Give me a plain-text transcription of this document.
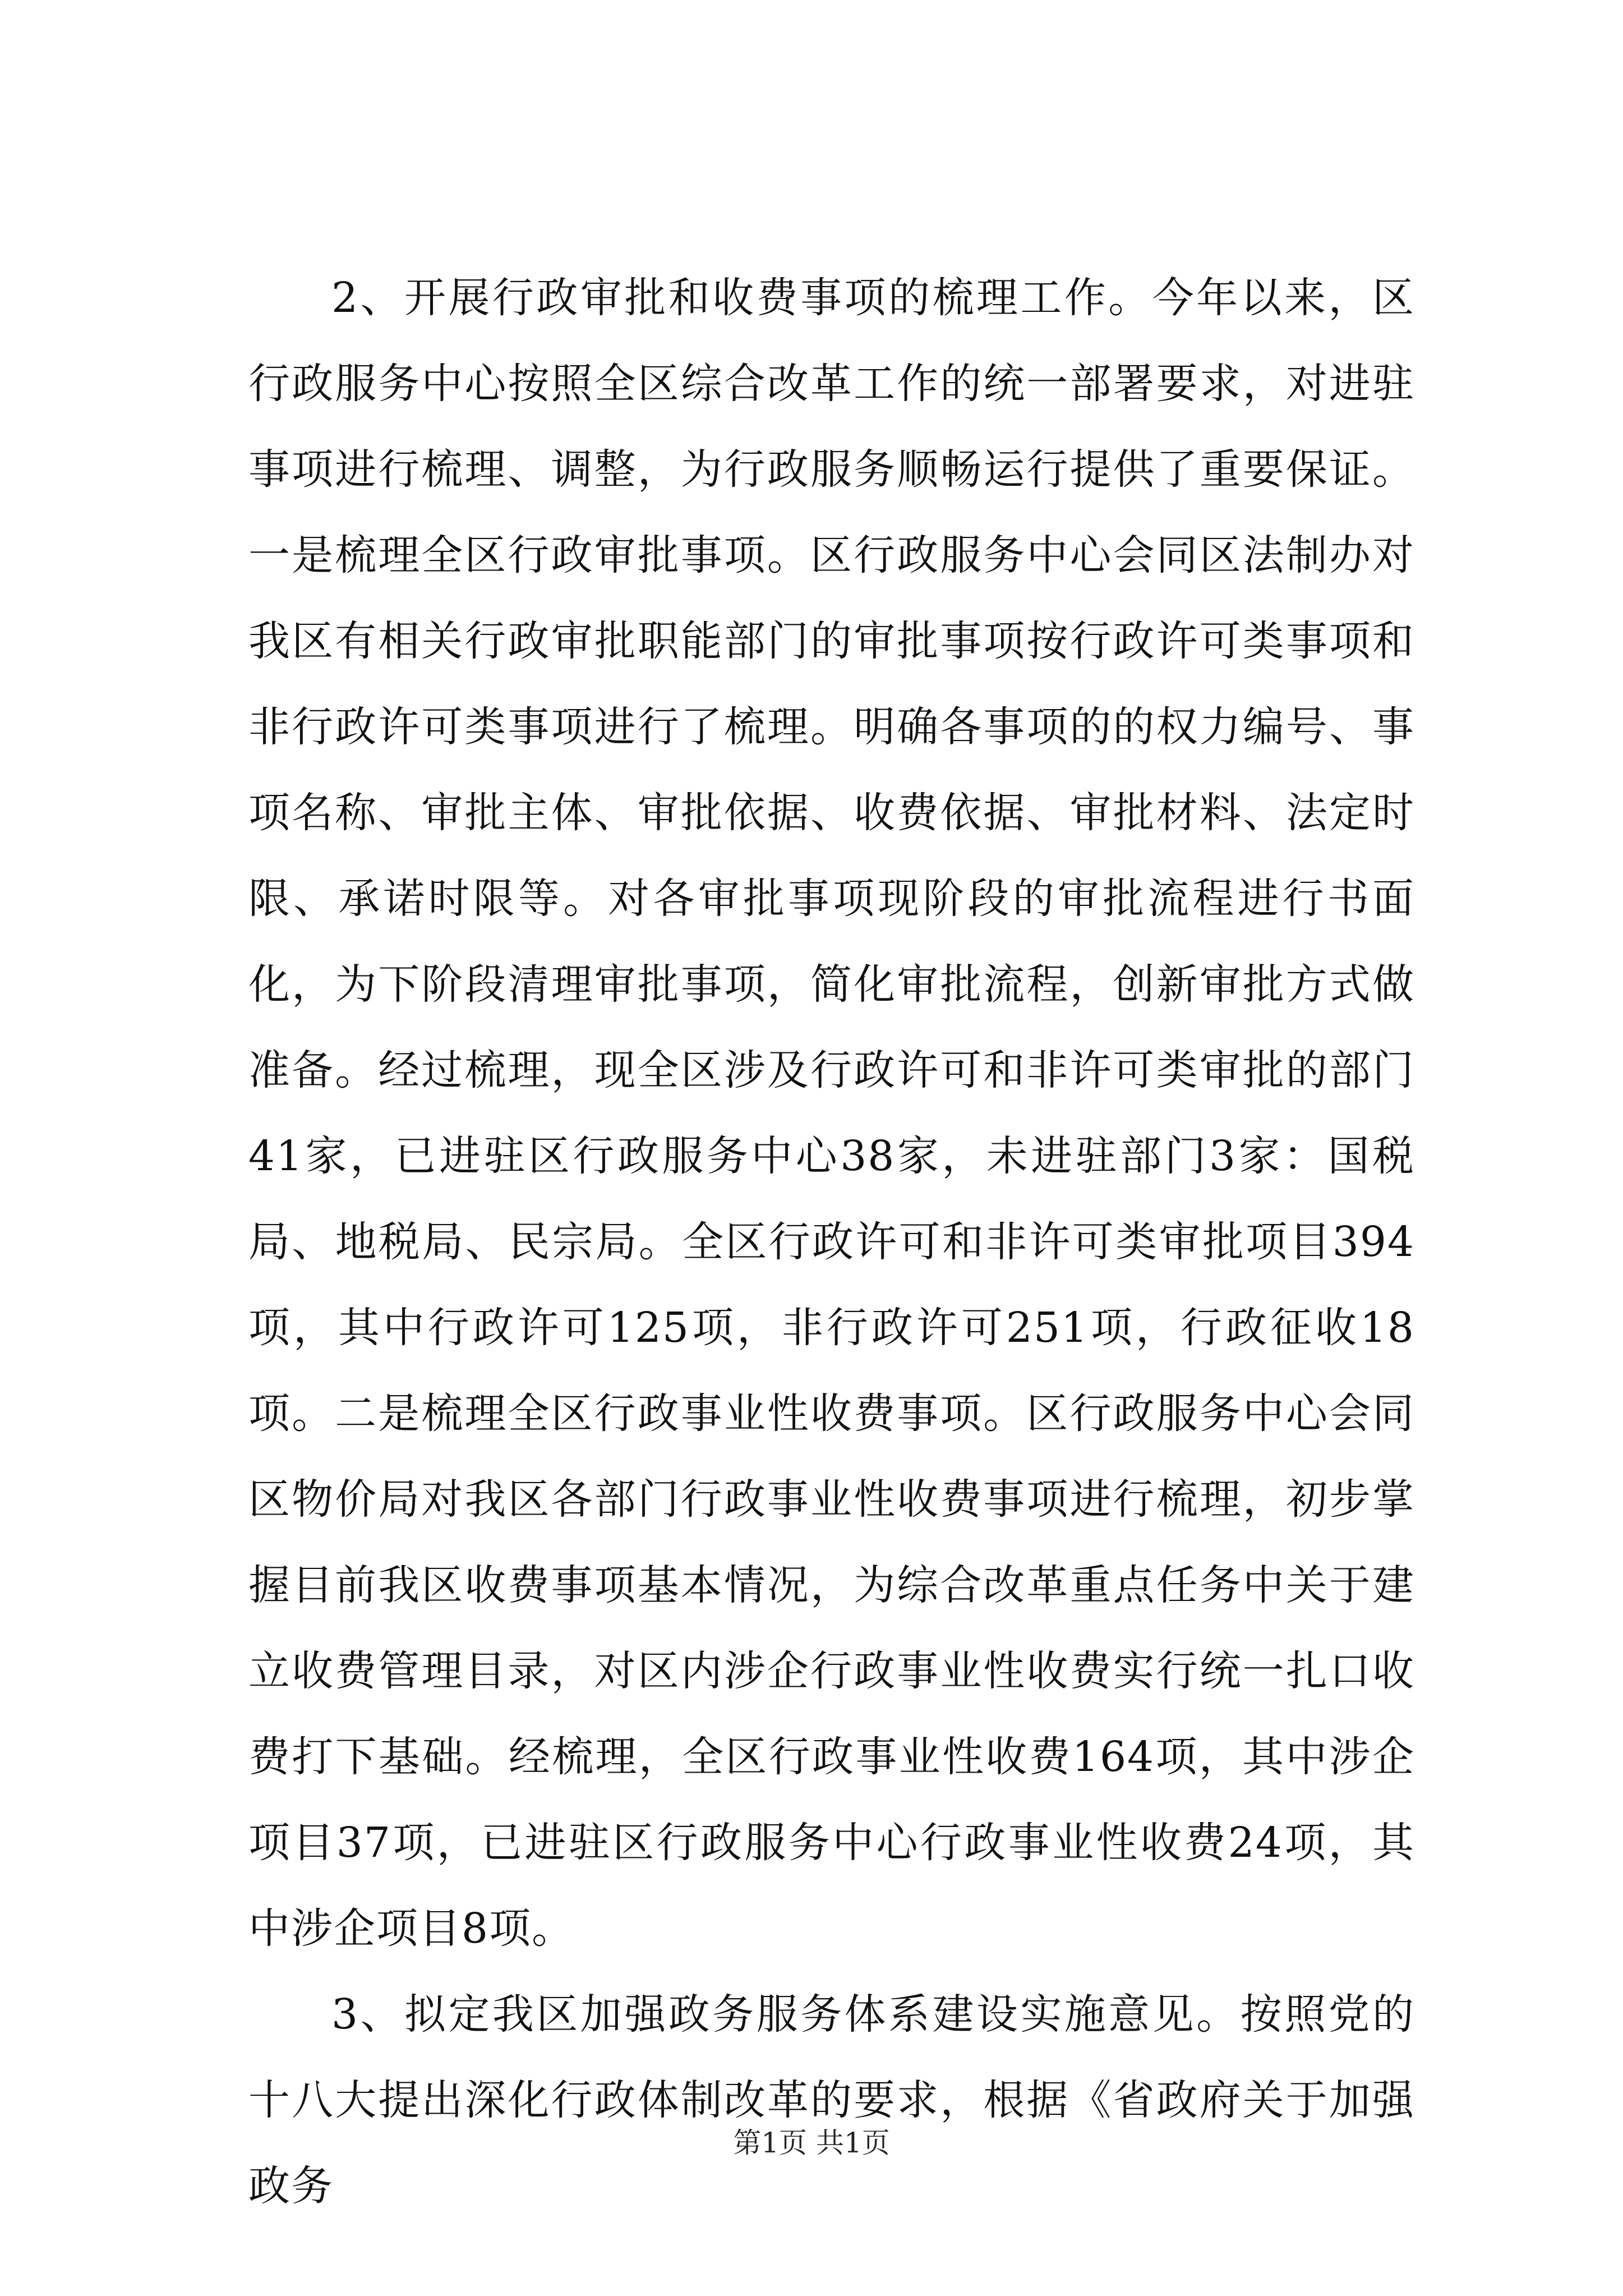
2、开展行政审批和收费事项的梳理工作。今年以来，区行政服务中心按照全区综合改革工作的统一部署要求，对进驻事项进行梳理、调整，为行政服务顺畅运行提供了重要保证。一是梳理全区行政审批事项。区行政服务中心会同区法制办对我区有相关行政审批职能部门的审批事项按行政许可类事项和非行政许可类事项进行了梳理。明确各事项的的权力编号、事项名称、审批主体、审批依据、收费依据、审批材料、法定时限、承诺时限等。对各审批事项现阶段的审批流程进行书面化，为下阶段清理审批事项，简化审批流程，创新审批方式做准备。经过梳理，现全区涉及行政许可和非许可类审批的部门41家，已进驻区行政服务中心38家，未进驻部门3家：国税局、地税局、民宗局。全区行政许可和非许可类审批项目394项，其中行政许可125项，非行政许可251项，行政征收18项。二是梳理全区行政事业性收费事项。区行政服务中心会同区物价局对我区各部门行政事业性收费事项进行梳理，初步掌握目前我区收费事项基本情况，为综合改革重点任务中关于建立收费管理目录，对区内涉企行政事业性收费实行统一扎口收费打下基础。经梳理，全区行政事业性收费164项，其中涉企项目37项，已进驻区行政服务中心行政事业性收费24项，其中涉企项目8项。

3、拟定我区加强政务服务体系建设实施意见。按照党的十八大提出深化行政体制改革的要求，根据《省政府关于加强政务

第1页 共1页
